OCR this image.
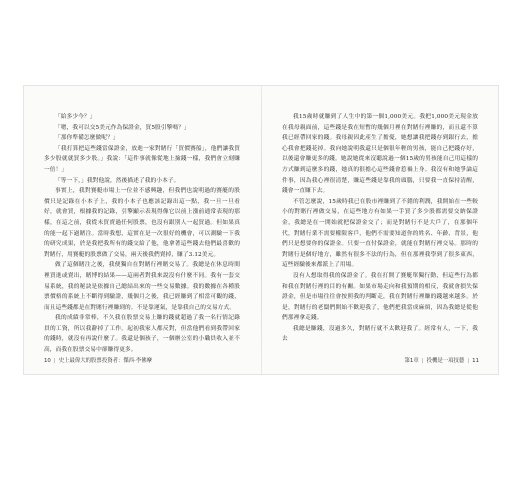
「給多少今？」

「嗯，我可以交5美元作為保證金，買5股引擎嗎？」

「那你準備怎麼做呢？」

「我打算把這些錢當保證金，放進一家對賭行「買價賽船」，他們讓我買多少股就就買多少股。」我說：「這件事就像從地上撿錢一樣，我們會立刻賺一倍！」

「等一下，」我對他說，然後描述了我的小本子。

事實上，我對賽艇市場上一位並不感興趣，但我們也說明過的賽艇的股價只是記錄在小本子上，我的小本子也應該記錄出這一點，我一旦一旦看好，就會買，根據我的記錄，引擎顯示表現得像它以前上漲前通常表現的那樣，在這之前，我從未買賣過任何股票，也沒有跟別人一起買過。但如果真的能一起下過賭注。當時我想，這實在是一次很好的機會，可以測驗一下我的研究成果，於是我把我所有的錢交給了他，他拿著這些錢去他們最喜歡的對賭行，用賽艇的股票做了交易，兩天後我們賣掉，賺了3.12美元。

做了這個賭注之後，我便獨自在對賭行裡賭交易了。我總是在休息時間裡買進或賣出，賭博的結果——這兩者對我來說沒有什麼不同。我有一套交易系統，我的秘訣是依據自己總結出來的一些交易數據。我的數據在各種股票價格的系統上不斷得到驗證，幾個月之後，我已經賺到了相當可觀的錢，而且這些錢都是在對賭行裡賺到的。不是靠運氣，是靠我自己的交易方式。

我的成績非常棒，不久我在股票交易上賺的錢就超過了我一名行情記錄員的工資，所以我辭掉了工作。起初我家人都反對，但當他們看到我帶回家的錢時，就沒有再說什麼了。我還是個孩子，一個辦公室的小職員收入並不高，而我在股票交易中卻賺得更多。

10 | 史上最偉大的股票投資者：傑西·李佛摩

我15歲時就賺到了人生中的第一個1,000美元。我把1,000美元現金放在我母親面前，這些錢是我在短暫的幾個月裡在對賭行裡賺的，而且還不算我已經帶回家的錢。我母親因此產生了擔憂，她想讓我把錢存到銀行去，擔心我會把錢花掉。我向她說明我還只是個很年輕的男孩，能自己把錢存好，以後還會賺更多的錢。她說她從來沒聽說過一個15歲的男孩能自己用這樣的方式賺到這麼多的錢，她真的很擔心這些錢會惹禍上身。我沒有和她爭論這件事，因為我心裡很清楚，賺這些錢是靠我的頭腦，只要我一直保持清醒，錢會一直賺下去。

不管怎麼說，15歲時我已在股市裡賺到了不錯的利潤，我開始在一些較小的對賭行裡做交易，在這些地方有如果一手買了多少股都需要交納保證金，我總是在一開始就把保證金交了；而是對賭行不是大戶了，在那個年代，對賭行業不需要權限客戶，他們不需要知道你的姓名、年齡、背景，他們只是想要你的保證金。只要一直付保證金，就能在對賭行裡交易。那時的對賭行是個好地方，雖然有很多不法的行為，但在那裡我學到了很多東西，這些經驗後來都派上了用場。

沒有人想取得我的保證金了。我在打開了賽艇單獨行動，但這些行為都和我在對賭行裡的目的有關。如果市場走向和我預期的相反，我就會損失保證金，但是市場往往會按照我的判斷走，我在對賭行裡賺的錢越來越多。於是，對賭行的老闆們開始不歡迎我了，他們把我當成麻煩，因為我總是從他們那裡拿走錢。

我總是賺錢，沒過多久，對賭行就不太歡迎我了。經常有人，一下，我去

第1章 | 投機是一項技藝 | 11
